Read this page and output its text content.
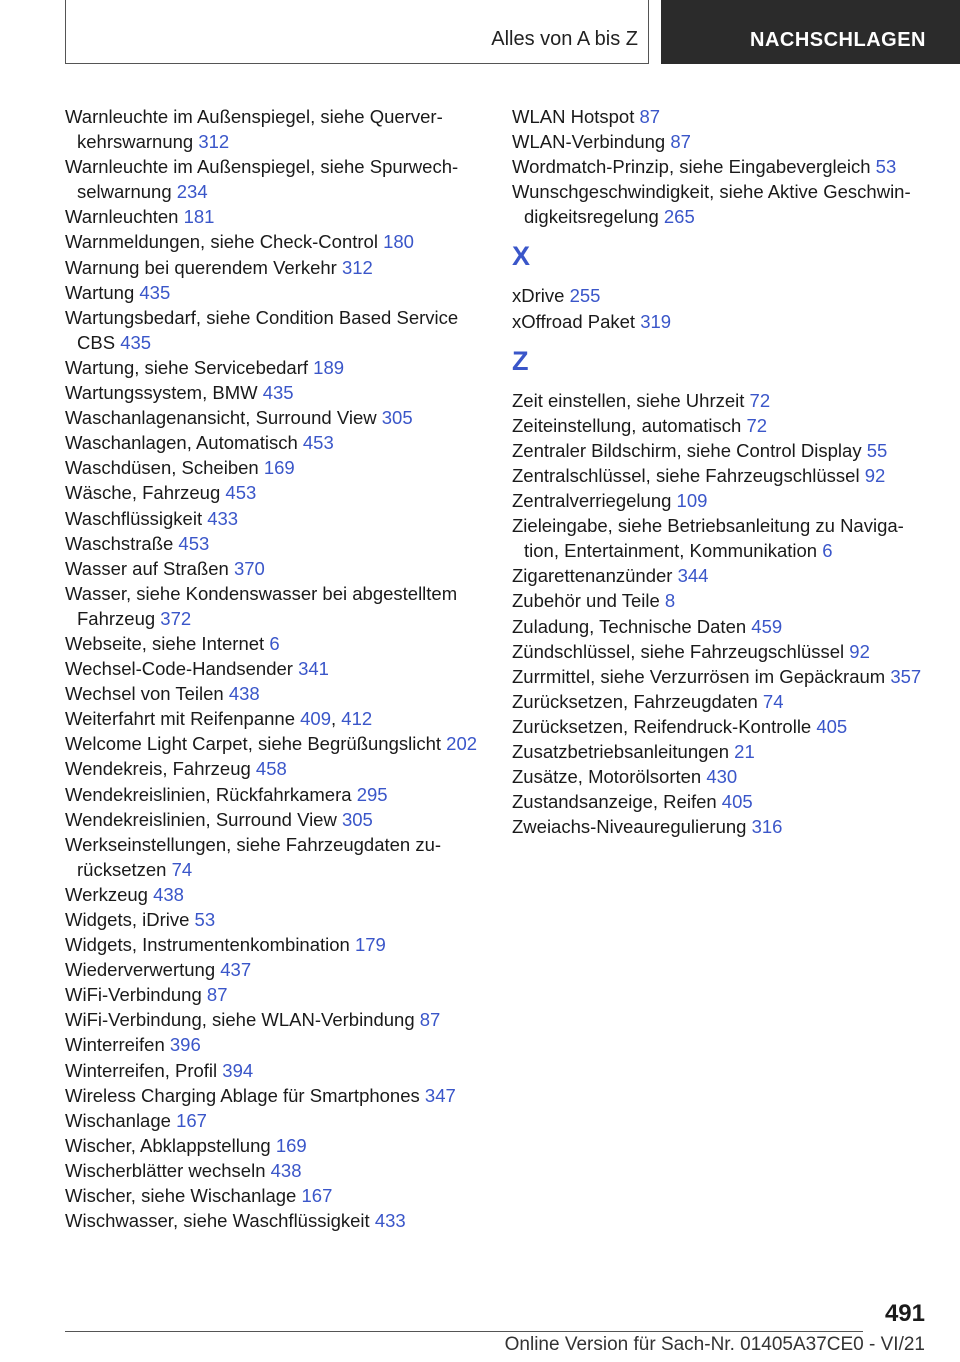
Alles von A bis Z	NACHSCHLAGEN
Warnleuchte im Außenspiegel, siehe Querverkehrswarnung 312
Warnleuchte im Außenspiegel, siehe Spurwechselwarnung 234
Warnleuchten 181
Warnmeldungen, siehe Check-Control 180
Warnung bei querendem Verkehr 312
Wartung 435
Wartungsbedarf, siehe Condition Based Service CBS 435
Wartung, siehe Servicebedarf 189
Wartungssystem, BMW 435
Waschanlagenansicht, Surround View 305
Waschanlagen, Automatisch 453
Waschdüsen, Scheiben 169
Wäsche, Fahrzeug 453
Waschflüssigkeit 433
Waschstraße 453
Wasser auf Straßen 370
Wasser, siehe Kondenswasser bei abgestelltem Fahrzeug 372
Webseite, siehe Internet 6
Wechsel-Code-Handsender 341
Wechsel von Teilen 438
Weiterfahrt mit Reifenpanne 409, 412
Welcome Light Carpet, siehe Begrüßungslicht 202
Wendekreis, Fahrzeug 458
Wendekreislinien, Rückfahrkamera 295
Wendekreislinien, Surround View 305
Werkseinstellungen, siehe Fahrzeugdaten zurücksetzen 74
Werkzeug 438
Widgets, iDrive 53
Widgets, Instrumentenkombination 179
Wiederverwertung 437
WiFi-Verbindung 87
WiFi-Verbindung, siehe WLAN-Verbindung 87
Winterreifen 396
Winterreifen, Profil 394
Wireless Charging Ablage für Smartphones 347
Wischanlage 167
Wischer, Abklappstellung 169
Wischerblätter wechseln 438
Wischer, siehe Wischanlage 167
Wischwasser, siehe Waschflüssigkeit 433
WLAN Hotspot 87
WLAN-Verbindung 87
Wordmatch-Prinzip, siehe Eingabevergleich 53
Wunschgeschwindigkeit, siehe Aktive Geschwindigkeitsregelung 265
X
xDrive 255
xOffroad Paket 319
Z
Zeit einstellen, siehe Uhrzeit 72
Zeiteinstellung, automatisch 72
Zentraler Bildschirm, siehe Control Display 55
Zentralschlüssel, siehe Fahrzeugschlüssel 92
Zentralverriegelung 109
Zieleingabe, siehe Betriebsanleitung zu Navigation, Entertainment, Kommunikation 6
Zigarettenanzünder 344
Zubehör und Teile 8
Zuladung, Technische Daten 459
Zündschlüssel, siehe Fahrzeugschlüssel 92
Zurrmittel, siehe Verzurrösen im Gepäckraum 357
Zurücksetzen, Fahrzeugdaten 74
Zurücksetzen, Reifendruck-Kontrolle 405
Zusatzbetriebsanleitungen 21
Zusätze, Motorölsorten 430
Zustandsanzeige, Reifen 405
Zweiachs-Niveauregulierung 316
491
Online Version für Sach-Nr. 01405A37CE0 - VI/21
